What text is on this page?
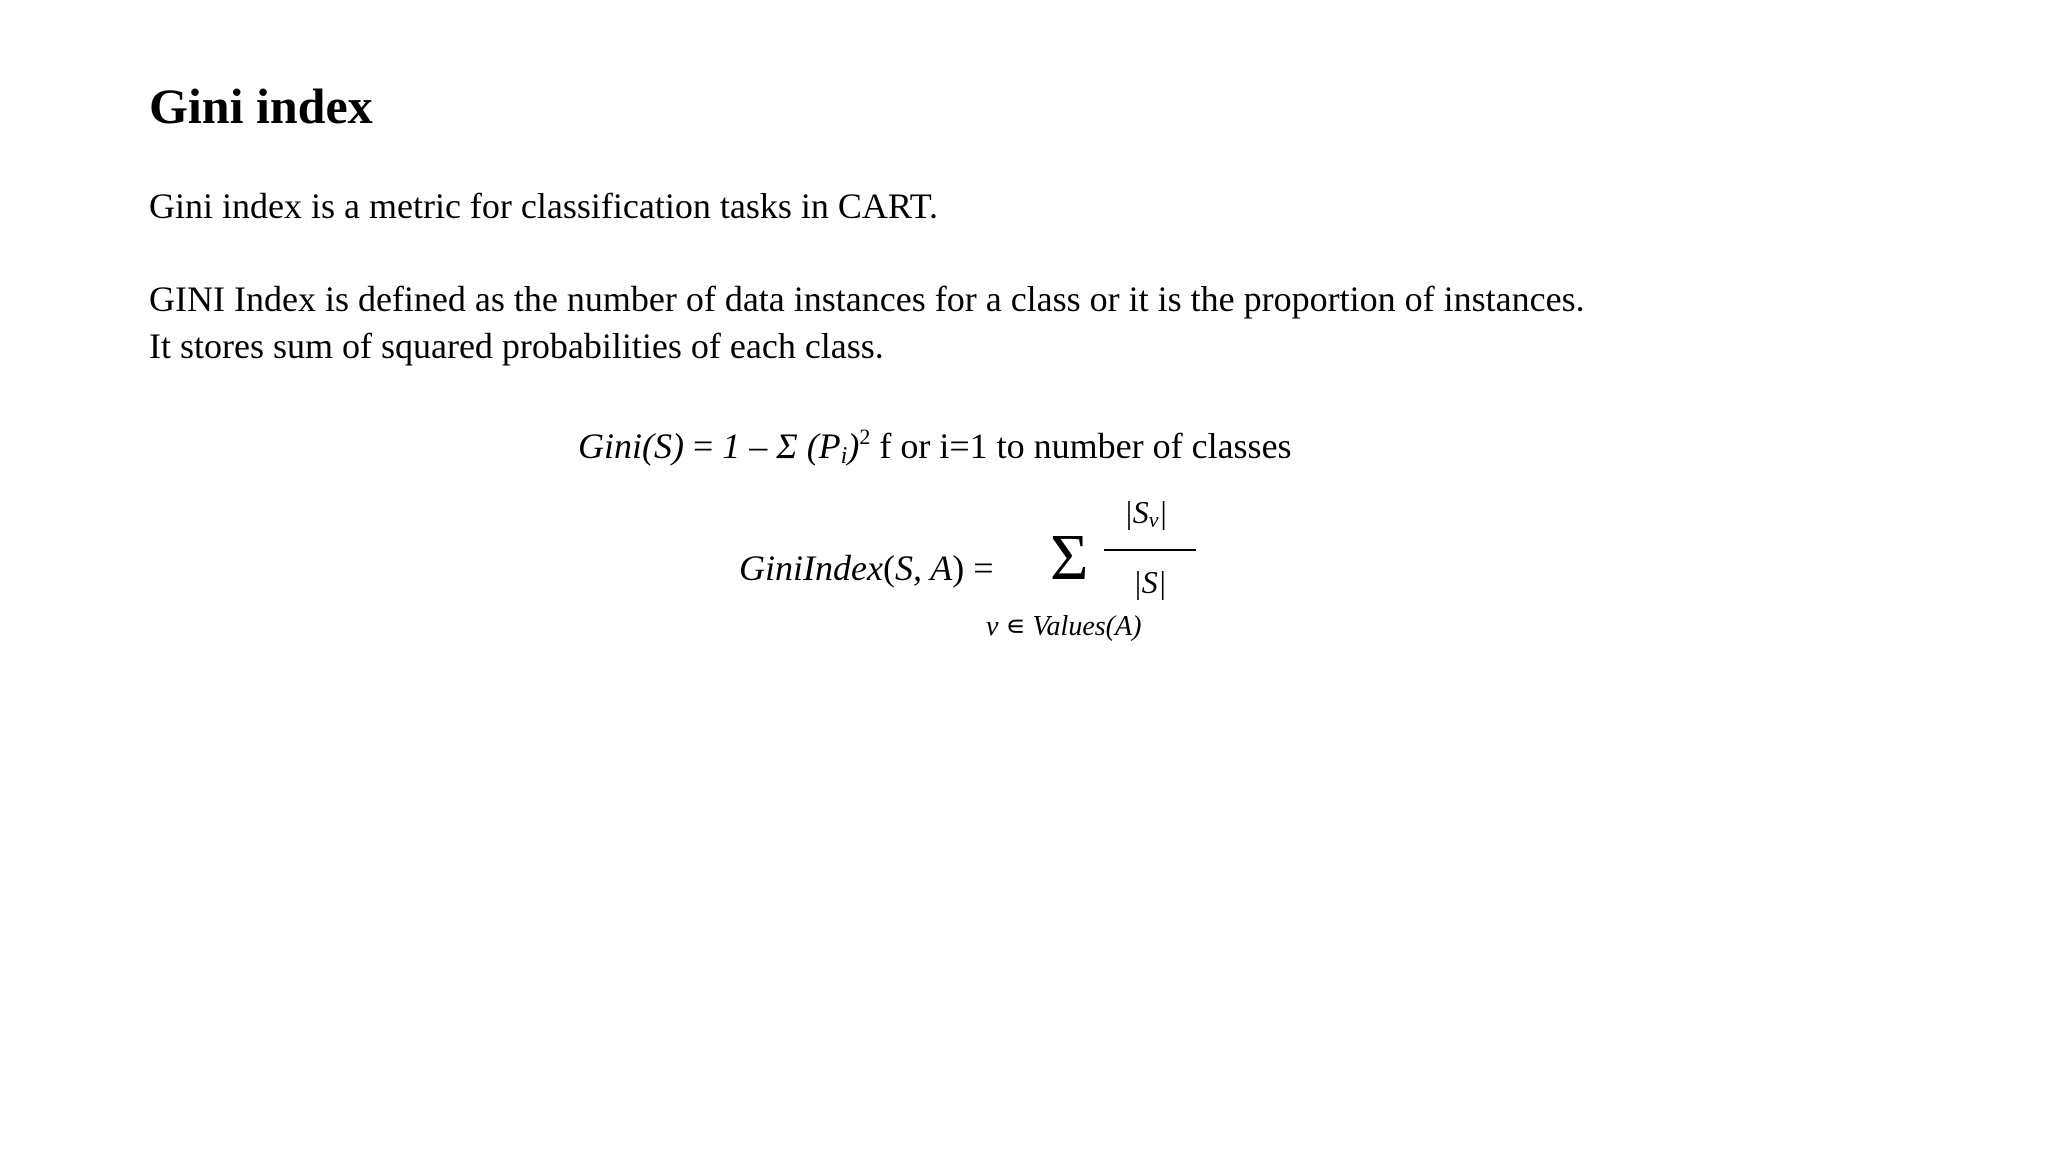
Gini index
Gini index is a metric for classification tasks in CART.
GINI Index is defined as the number of data instances for a class or it is the proportion of instances.
It stores sum of squared probabilities of each class.
Gini(S) = 1 – Σ $(P_i)^2$ f or i=1 to number of classes
GiniIndex(S, A) = Σ
$|S_v|$
|S|
v ∊ Values(A)
